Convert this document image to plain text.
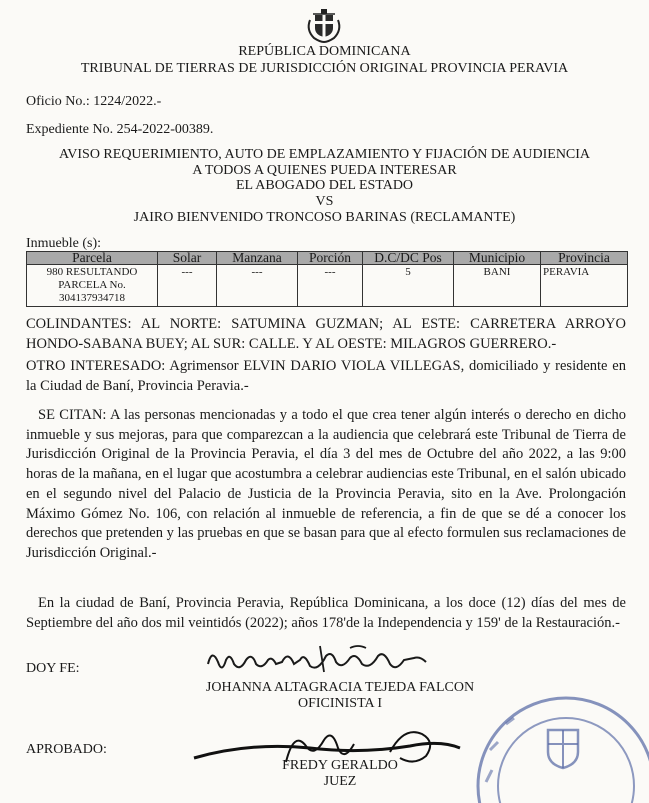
REPÚBLICA DOMINICANA
TRIBUNAL DE TIERRAS DE JURISDICCIÓN ORIGINAL PROVINCIA PERAVIA
Oficio No.: 1224/2022.-
Expediente No. 254-2022-00389.
AVISO REQUERIMIENTO, AUTO DE EMPLAZAMIENTO Y FIJACIÓN DE AUDIENCIA
A TODOS A QUIENES PUEDA INTERESAR
EL ABOGADO DEL ESTADO
VS
JAIRO BIENVENIDO TRONCOSO BARINAS (RECLAMANTE)
Inmueble (s):
Parcela	Solar	Manzana	Porción	D.C/DC Pos	Municipio	Provincia

980 RESULTANDO
PARCELA No.
304137934718	---	---	---	5	BANI	PERAVIA
COLINDANTES: AL NORTE: SATUMINA GUZMAN; AL ESTE: CARRETERA ARROYO HONDO-SABANA BUEY; AL SUR: CALLE. Y AL OESTE: MILAGROS GUERRERO.-
OTRO INTERESADO: Agrimensor ELVIN DARIO VIOLA VILLEGAS, domiciliado y residente en la Ciudad de Baní, Provincia Peravia.-
SE CITAN: A las personas mencionadas y a todo el que crea tener algún interés o derecho en dicho inmueble y sus mejoras, para que comparezcan a la audiencia que celebrará este Tribunal de Tierra de Jurisdicción Original de la Provincia Peravia, el día 3 del mes de Octubre del año 2022, a las 9:00 horas de la mañana, en el lugar que acostumbra a celebrar audiencias este Tribunal, en el salón ubicado en el segundo nivel del Palacio de Justicia de la Provincia Peravia, sito en la Ave. Prolongación Máximo Gómez No. 106, con relación al inmueble de referencia, a fin de que se dé a conocer los derechos que pretenden y las pruebas en que se basan para que al efecto formulen sus reclamaciones de Jurisdicción Original.-
En la ciudad de Baní, Provincia Peravia, República Dominicana, a los doce (12) días del mes de Septiembre del año dos mil veintidós (2022); años 178'de la Independencia y 159' de la Restauración.-
DOY FE:
JOHANNA ALTAGRACIA TEJEDA FALCON
OFICINISTA I
APROBADO:
FREDY GERALDO
JUEZ
